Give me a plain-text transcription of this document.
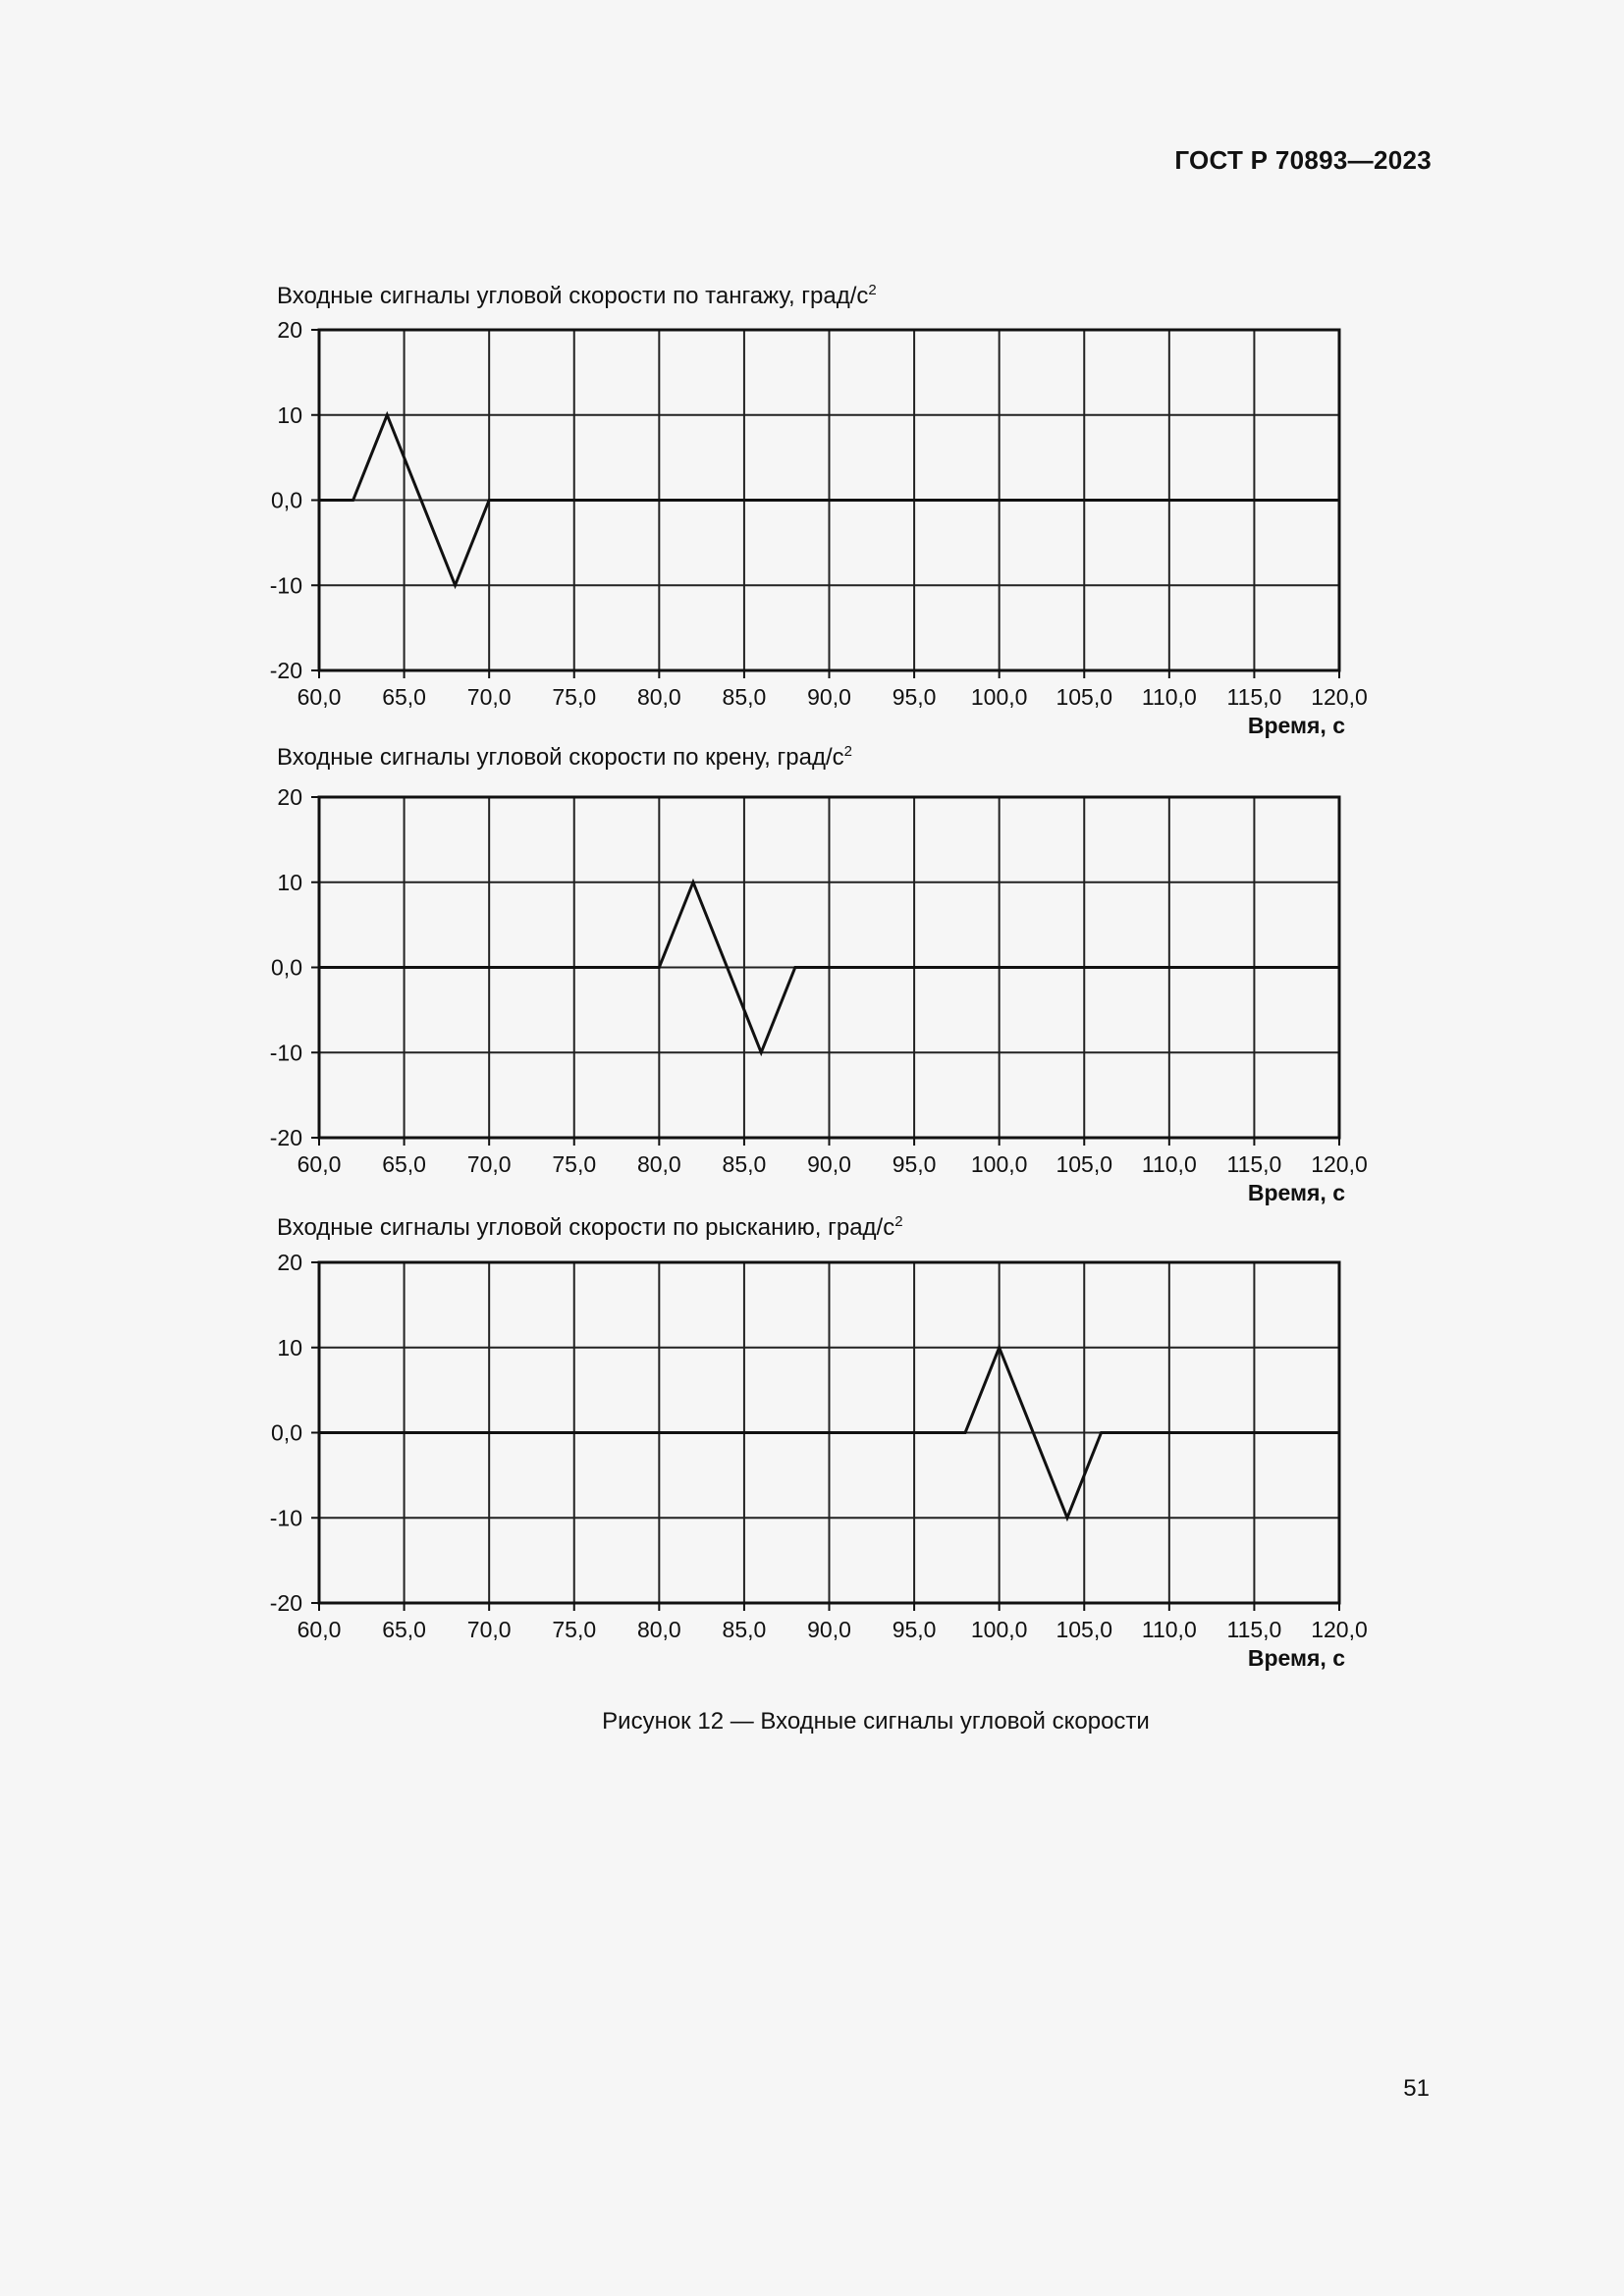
ГОСТ Р 70893—2023
Входные сигналы угловой скорости по тангажу, град/$с^2$
20
10
0,0
-10
-20
60,0 65,0 70,0 75,0 80,0 85,0 90,0 95,0 100,0 105,0 110,0 115,0 120,0
Время, с
Входные сигналы угловой скорости по крену, град/$с^2$
20
10
0,0
-10
-20
60,0 65,0 70,0 75,0 80,0 85,0 90,0 95,0 100,0 105,0 110,0 115,0 120,0
Время, с
Входные сигналы угловой скорости по рысканию, град/$с^2$
20
10
0,0
-10
-20
60,0 65,0 70,0 75,0 80,0 85,0 90,0 95,0 100,0 105,0 110,0 115,0 120,0
Время, с
Рисунок 12 — Входные сигналы угловой скорости
51
